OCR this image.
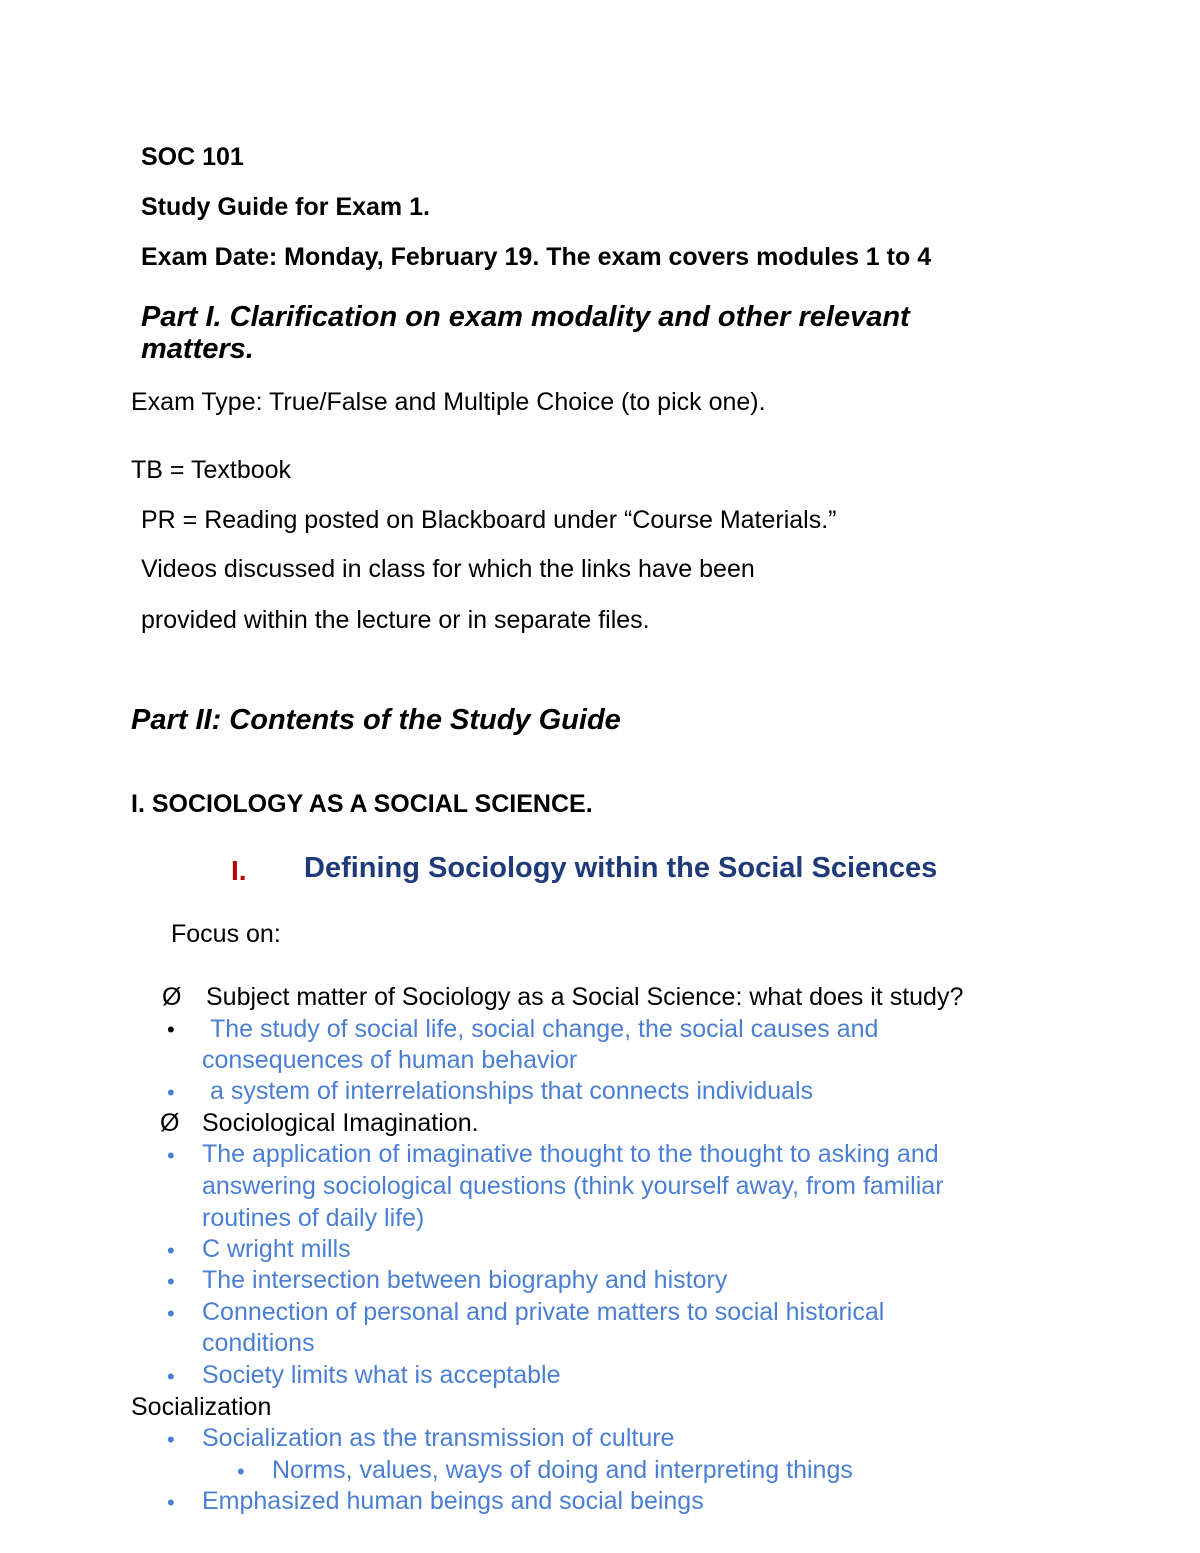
SOC 101
Study Guide for Exam 1.
Exam Date: Monday, February 19. The exam covers modules 1 to 4
Part I. Clarification on exam modality and other relevant
matters.
Exam Type: True/False and Multiple Choice (to pick one).
TB = Textbook
PR = Reading posted on Blackboard under “Course Materials.”
Videos discussed in class for which the links have been
provided within the lecture or in separate files.
Part II: Contents of the Study Guide
I. SOCIOLOGY AS A SOCIAL SCIENCE.
I. Defining Sociology within the Social Sciences
Focus on:
Ø Subject matter of Sociology as a Social Science: what does it study?
• The study of social life, social change, the social causes and
consequences of human behavior
• a system of interrelationships that connects individuals
Ø Sociological Imagination.
• The application of imaginative thought to the thought to asking and
answering sociological questions (think yourself away, from familiar
routines of daily life)
• C wright mills
• The intersection between biography and history
• Connection of personal and private matters to social historical
conditions
• Society limits what is acceptable
Socialization
• Socialization as the transmission of culture
• Norms, values, ways of doing and interpreting things
• Emphasized human beings and social beings
